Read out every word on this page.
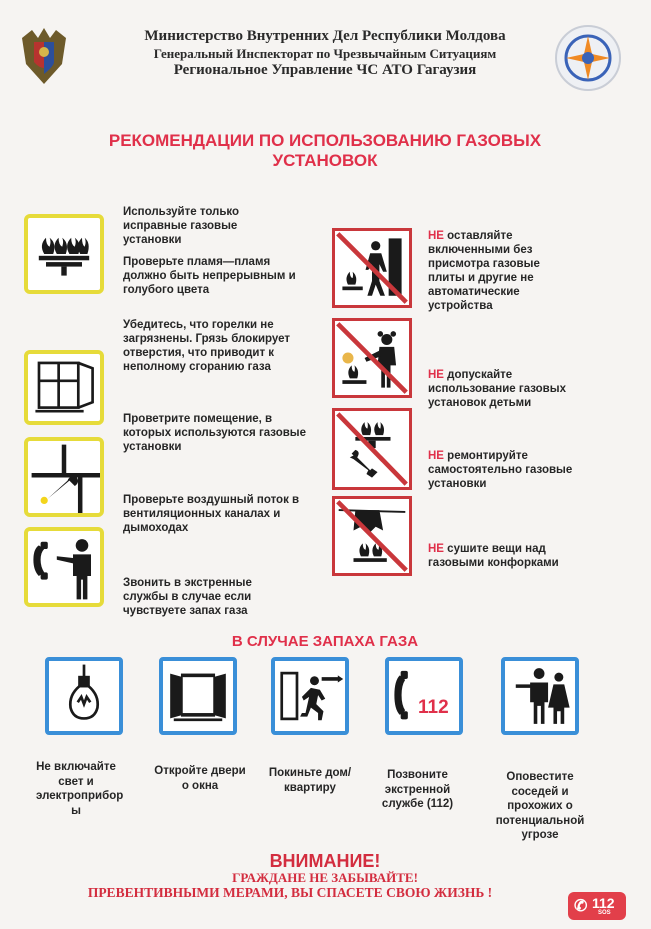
Министерство Внутренних Дел Республики Молдова
Генеральный Инспекторат по Чрезвычайным Ситуациям
Региональное Управление ЧС АТО Гагаузия
РЕКОМЕНДАЦИИ ПО ИСПОЛЬЗОВАНИЮ ГАЗОВЫХ
УСТАНОВОК
Используйте только исправные газовые установки
Проверьте пламя—пламя должно быть непрерывным и голубого цвета
Убедитесь, что горелки не загрязнены. Грязь блокирует отверстия, что приводит к неполному сгоранию газа
Проветрите помещение, в которых используются газовые установки
Проверьте воздушный поток в вентиляционных каналах и дымоходах
Звонить в экстренные службы в случае если чувствуете запах газа
НЕ оставляйте включенными без присмотра газовые плиты и другие не автоматические устройства
НЕ допускайте использование газовых установок детьми
НЕ ремонтируйте самостоятельно газовые установки
НЕ сушите вещи над газовыми конфорками
В СЛУЧАЕ ЗАПАХА ГАЗА
112
Не включайте свет и электроприбор ы
Откройте двери о окна
Покиньте дом/квартиру
Позвоните экстренной службе (112)
Оповестите соседей и прохожих о потенциальной угрозе
ВНИМАНИЕ!
ГРАЖДАНЕ НЕ ЗАБЫВАЙТЕ!
ПРЕВЕНТИВНЫМИ МЕРАМИ, ВЫ СПАСЕТЕ СВОЮ ЖИЗНЬ !
✆ 112
SOS
